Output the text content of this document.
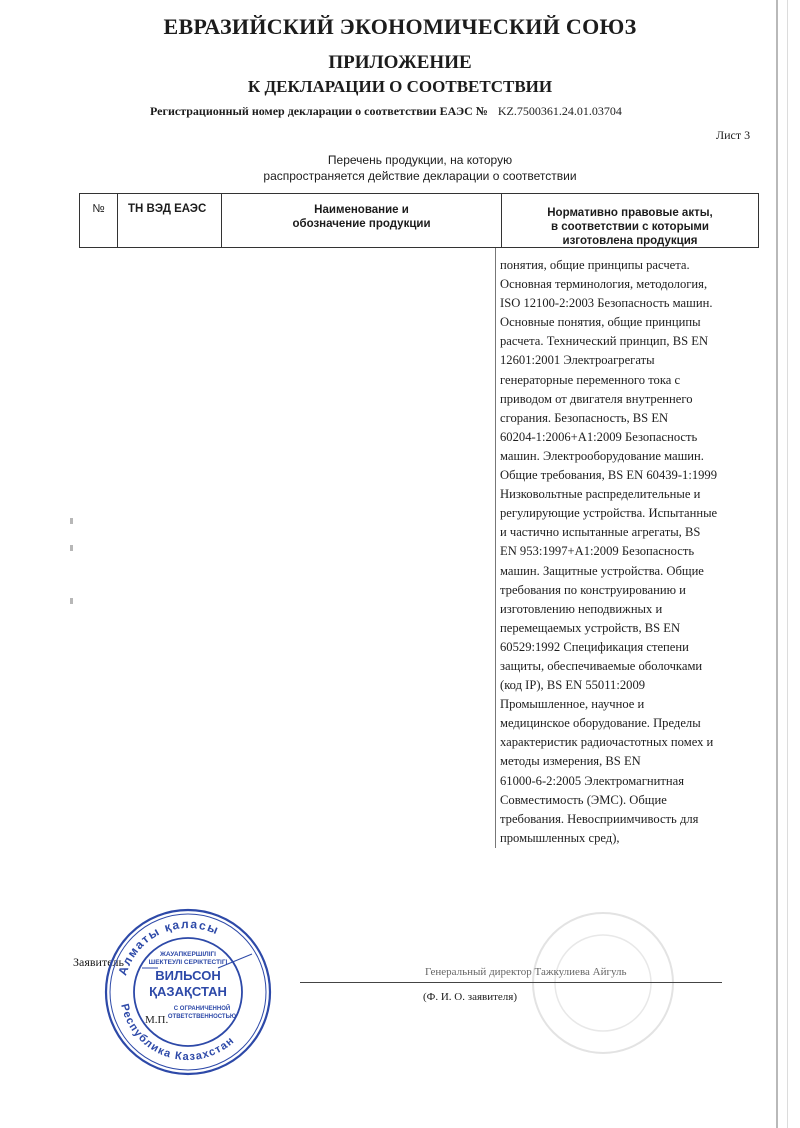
ЕВРАЗИЙСКИЙ ЭКОНОМИЧЕСКИЙ СОЮЗ
ПРИЛОЖЕНИЕ
К ДЕКЛАРАЦИИ О СООТВЕТСТВИИ
Регистрационный номер декларации о соответствии ЕАЭС № KZ.7500361.24.01.03704
Лист 3
Перечень продукции, на которую
распространяется действие декларации о соответствии
№	ТН ВЭД ЕАЭС	Наименование и
обозначение продукции
Нормативно правовые акты,
в соответствии с которыми
изготовлена продукция
понятия, общие принципы расчета.
Основная терминология, методология,
ISO 12100-2:2003 Безопасность машин.
Основные понятия, общие принципы
расчета. Технический принцип, BS EN
12601:2001 Электроагрегаты
генераторные переменного тока с
приводом от двигателя внутреннего
сгорания. Безопасность, BS EN
60204-1:2006+A1:2009 Безопасность
машин. Электрооборудование машин.
Общие требования, BS EN 60439-1:1999
Низковольтные распределительные и
регулирующие устройства. Испытанные
и частично испытанные агрегаты, BS
EN 953:1997+A1:2009 Безопасность
машин. Защитные устройства. Общие
требования по конструированию и
изготовлению неподвижных и
перемещаемых устройств, BS EN
60529:1992 Спецификация степени
защиты, обеспечиваемые оболочками
(код IP), BS EN 55011:2009
Промышленное, научное и
медицинское оборудование. Пределы
характеристик радиочастотных помех и
методы измерения, BS EN
61000-6-2:2005 Электромагнитная
Совместимость (ЭМС). Общие
требования. Невосприимчивость для
промышленных сред),
Заявитель
Генеральный директор Тажкулиева Айгуль
(Ф. И. О. заявителя)
Алматы қаласы
Республика Казахстан
ЖАУАПКЕРШІЛІГІ
ШЕКТЕУЛІ СЕРІКТЕСТІГІ
ВИЛЬСОН
ҚАЗАҚСТАН
С ОГРАНИЧЕННОЙ
ОТВЕТСТВЕННОСТЬЮ
М.П.
